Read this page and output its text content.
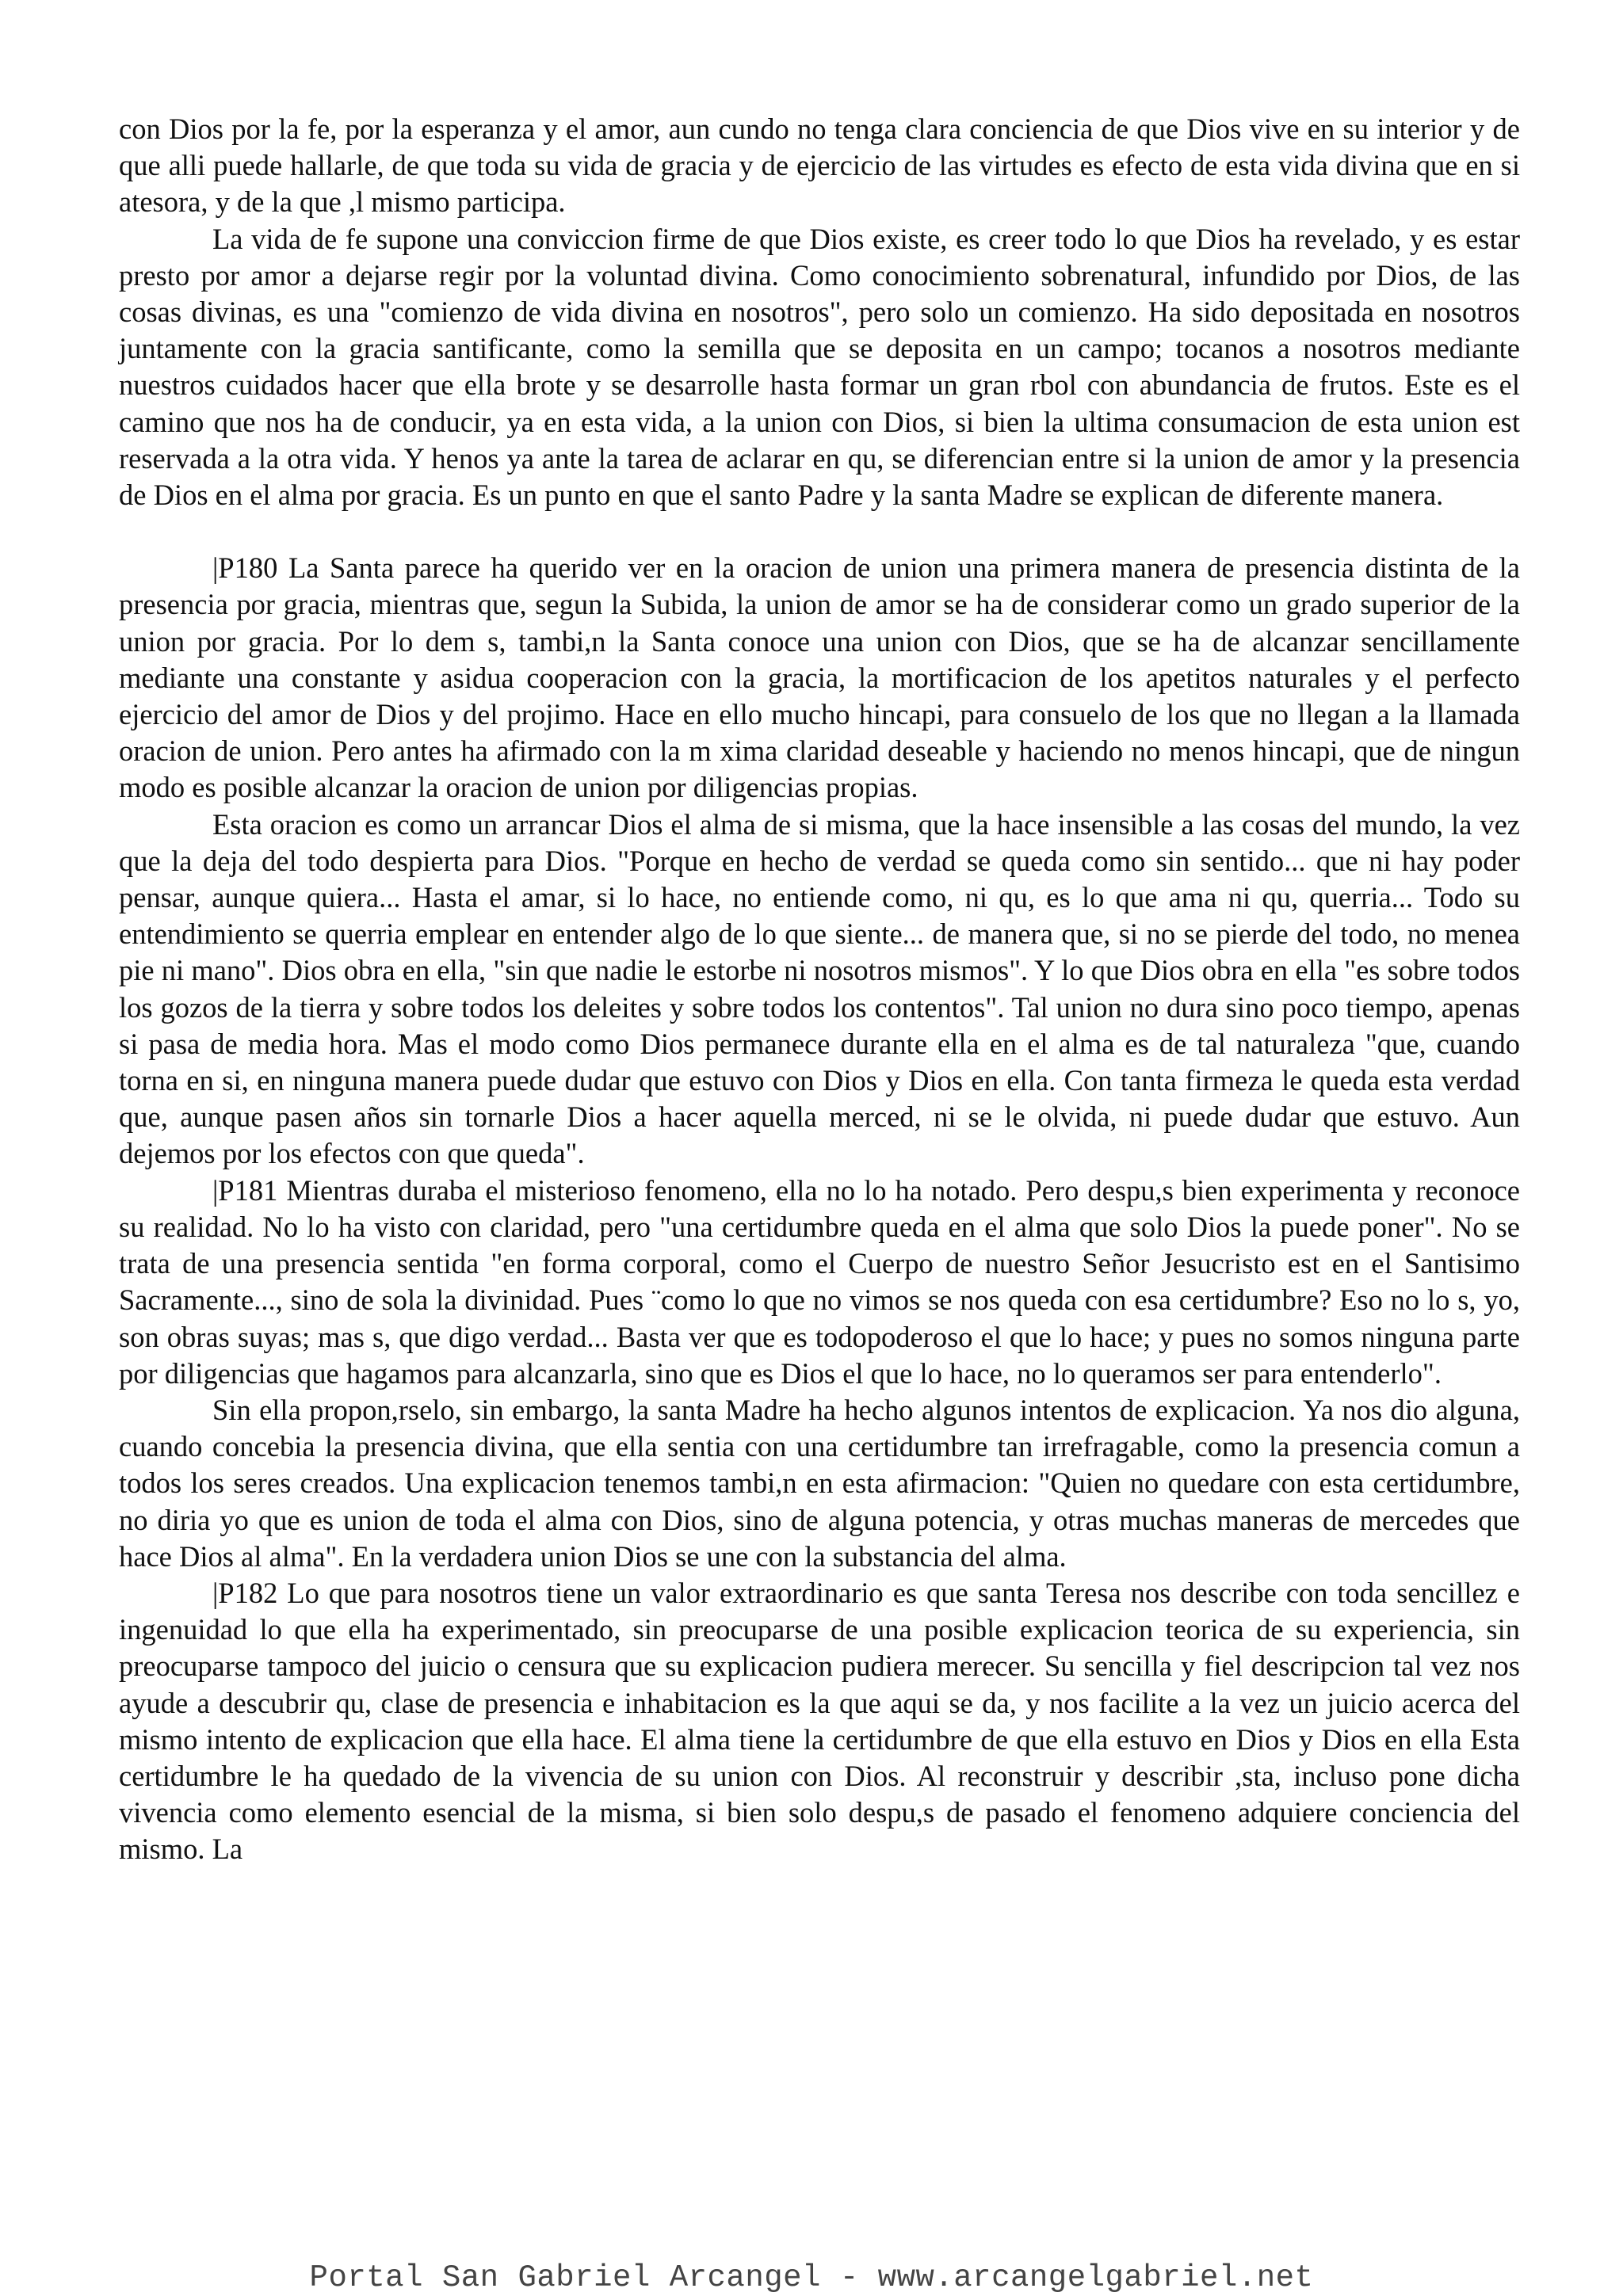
con Dios por la fe, por la esperanza y el amor, aun cundo no tenga clara conciencia de que Dios vive en su interior y de que alli puede hallarle, de que toda su vida de gracia y de ejercicio de las virtudes es efecto de esta vida divina que en si atesora, y de la que ,l mismo participa.

La vida de fe supone una conviccion firme de que Dios existe, es creer todo lo que Dios ha revelado, y es estar presto por amor a dejarse regir por la voluntad divina. Como conocimiento sobrenatural, infundido por Dios, de las cosas divinas, es una "comienzo de vida divina en nosotros", pero solo un comienzo. Ha sido depositada en nosotros juntamente con la gracia santificante, como la semilla que se deposita en un campo; tocanos a nosotros mediante nuestros cuidados hacer que ella brote y se desarrolle hasta formar un gran rbol con abundancia de frutos. Este es el camino que nos ha de conducir, ya en esta vida, a la union con Dios, si bien la ultima consumacion de esta union est reservada a la otra vida. Y henos ya ante la tarea de aclarar en qu, se diferencian entre si la union de amor y la presencia de Dios en el alma por gracia. Es un punto en que el santo Padre y la santa Madre se explican de diferente manera.

|P180 La Santa parece ha querido ver en la oracion de union una primera manera de presencia distinta de la presencia por gracia, mientras que, segun la Subida, la union de amor se ha de considerar como un grado superior de la union por gracia. Por lo dem s, tambi,n la Santa conoce una union con Dios, que se ha de alcanzar sencillamente mediante una constante y asidua cooperacion con la gracia, la mortificacion de los apetitos naturales y el perfecto ejercicio del amor de Dios y del projimo. Hace en ello mucho hincapi, para consuelo de los que no llegan a la llamada oracion de union. Pero antes ha afirmado con la m xima claridad deseable y haciendo no menos hincapi, que de ningun modo es posible alcanzar la oracion de union por diligencias propias.

Esta oracion es como un arrancar Dios el alma de si misma, que la hace insensible a las cosas del mundo, la vez que la deja del todo despierta para Dios. "Porque en hecho de verdad se queda como sin sentido... que ni hay poder pensar, aunque quiera... Hasta el amar, si lo hace, no entiende como, ni qu, es lo que ama ni qu, querria... Todo su entendimiento se querria emplear en entender algo de lo que siente... de manera que, si no se pierde del todo, no menea pie ni mano". Dios obra en ella, "sin que nadie le estorbe ni nosotros mismos". Y lo que Dios obra en ella "es sobre todos los gozos de la tierra y sobre todos los deleites y sobre todos los contentos". Tal union no dura sino poco tiempo, apenas si pasa de media hora. Mas el modo como Dios permanece durante ella en el alma es de tal naturaleza "que, cuando torna en si, en ninguna manera puede dudar que estuvo con Dios y Dios en ella. Con tanta firmeza le queda esta verdad que, aunque pasen años sin tornarle Dios a hacer aquella merced, ni se le olvida, ni puede dudar que estuvo. Aun dejemos por los efectos con que queda".

|P181 Mientras duraba el misterioso fenomeno, ella no lo ha notado. Pero despu,s bien experimenta y reconoce su realidad. No lo ha visto con claridad, pero "una certidumbre queda en el alma que solo Dios la puede poner". No se trata de una presencia sentida "en forma corporal, como el Cuerpo de nuestro Señor Jesucristo est en el Santisimo Sacramente..., sino de sola la divinidad. Pues ¨como lo que no vimos se nos queda con esa certidumbre? Eso no lo s, yo, son obras suyas; mas s, que digo verdad... Basta ver que es todopoderoso el que lo hace; y pues no somos ninguna parte por diligencias que hagamos para alcanzarla, sino que es Dios el que lo hace, no lo queramos ser para entenderlo".

Sin ella propon,rselo, sin embargo, la santa Madre ha hecho algunos intentos de explicacion. Ya nos dio alguna, cuando concebia la presencia divina, que ella sentia con una certidumbre tan irrefragable, como la presencia comun a todos los seres creados. Una explicacion tenemos tambi,n en esta afirmacion: "Quien no quedare con esta certidumbre, no diria yo que es union de toda el alma con Dios, sino de alguna potencia, y otras muchas maneras de mercedes que hace Dios al alma". En la verdadera union Dios se une con la substancia del alma.

|P182 Lo que para nosotros tiene un valor extraordinario es que santa Teresa nos describe con toda sencillez e ingenuidad lo que ella ha experimentado, sin preocuparse de una posible explicacion teorica de su experiencia, sin preocuparse tampoco del juicio o censura que su explicacion pudiera merecer. Su sencilla y fiel descripcion tal vez nos ayude a descubrir qu, clase de presencia e inhabitacion es la que aqui se da, y nos facilite a la vez un juicio acerca del mismo intento de explicacion que ella hace. El alma tiene la certidumbre de que ella estuvo en Dios y Dios en ella Esta certidumbre le ha quedado de la vivencia de su union con Dios. Al reconstruir y describir ,sta, incluso pone dicha vivencia como elemento esencial de la misma, si bien solo despu,s de pasado el fenomeno adquiere conciencia del mismo. La

Portal San Gabriel Arcangel - www.arcangelgabriel.net
